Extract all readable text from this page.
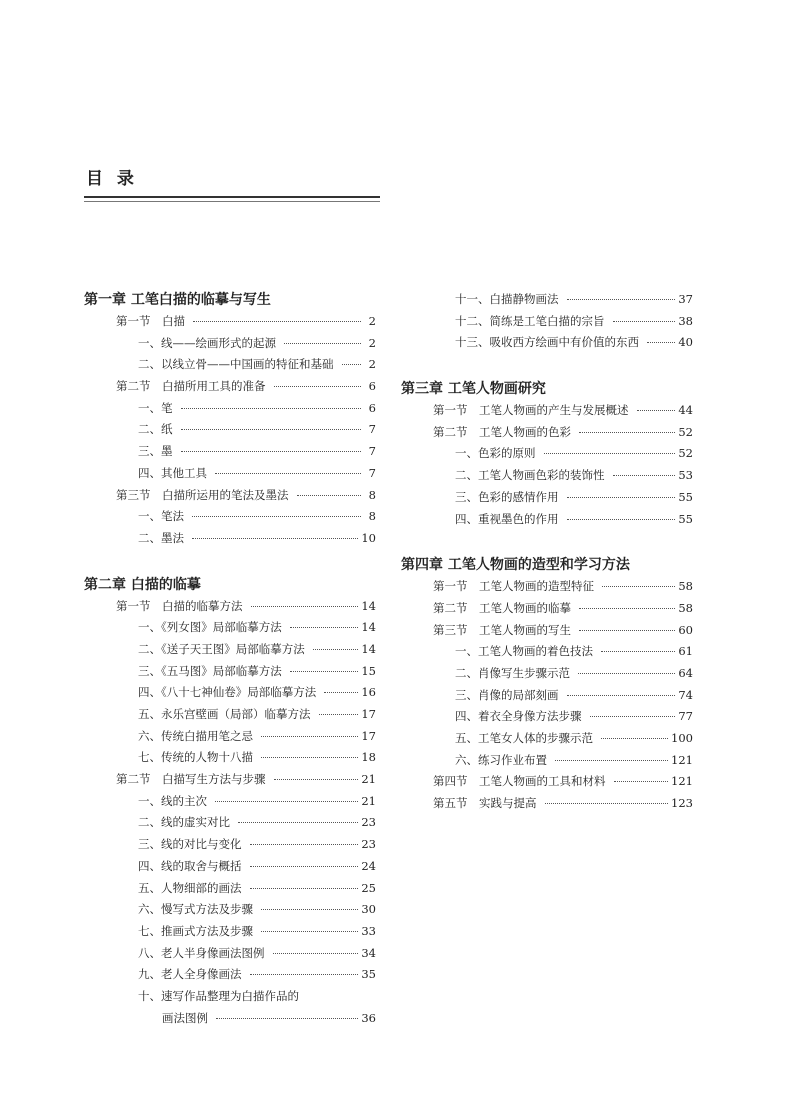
目 录
第一章 工笔白描的临摹与写生
第一节　白描	2
一、线——绘画形式的起源	2
二、以线立骨——中国画的特征和基础	2
第二节　白描所用工具的准备	6
一、笔	6
二、纸	7
三、墨	7
四、其他工具	7
第三节　白描所运用的笔法及墨法	8
一、笔法	8
二、墨法	10
第二章 白描的临摹
第一节　白描的临摹方法	14
一、《列女图》局部临摹方法	14
二、《送子天王图》局部临摹方法	14
三、《五马图》局部临摹方法	15
四、《八十七神仙卷》局部临摹方法	16
五、永乐宫壁画（局部）临摹方法	17
六、传统白描用笔之忌	17
七、传统的人物十八描	18
第二节　白描写生方法与步骤	21
一、线的主次	21
二、线的虚实对比	23
三、线的对比与变化	23
四、线的取舍与概括	24
五、人物细部的画法	25
六、慢写式方法及步骤	30
七、推画式方法及步骤	33
八、老人半身像画法图例	34
九、老人全身像画法	35
十、速写作品整理为白描作品的
画法图例	36
十一、白描静物画法	37
十二、简练是工笔白描的宗旨	38
十三、吸收西方绘画中有价值的东西	40
第三章 工笔人物画研究
第一节　工笔人物画的产生与发展概述	44
第二节　工笔人物画的色彩	52
一、色彩的原则	52
二、工笔人物画色彩的装饰性	53
三、色彩的感情作用	55
四、重视墨色的作用	55
第四章 工笔人物画的造型和学习方法
第一节　工笔人物画的造型特征	58
第二节　工笔人物画的临摹	58
第三节　工笔人物画的写生	60
一、工笔人物画的着色技法	61
二、肖像写生步骤示范	64
三、肖像的局部刻画	74
四、着衣全身像方法步骤	77
五、工笔女人体的步骤示范	100
六、练习作业布置	121
第四节　工笔人物画的工具和材料	121
第五节　实践与提高	123
